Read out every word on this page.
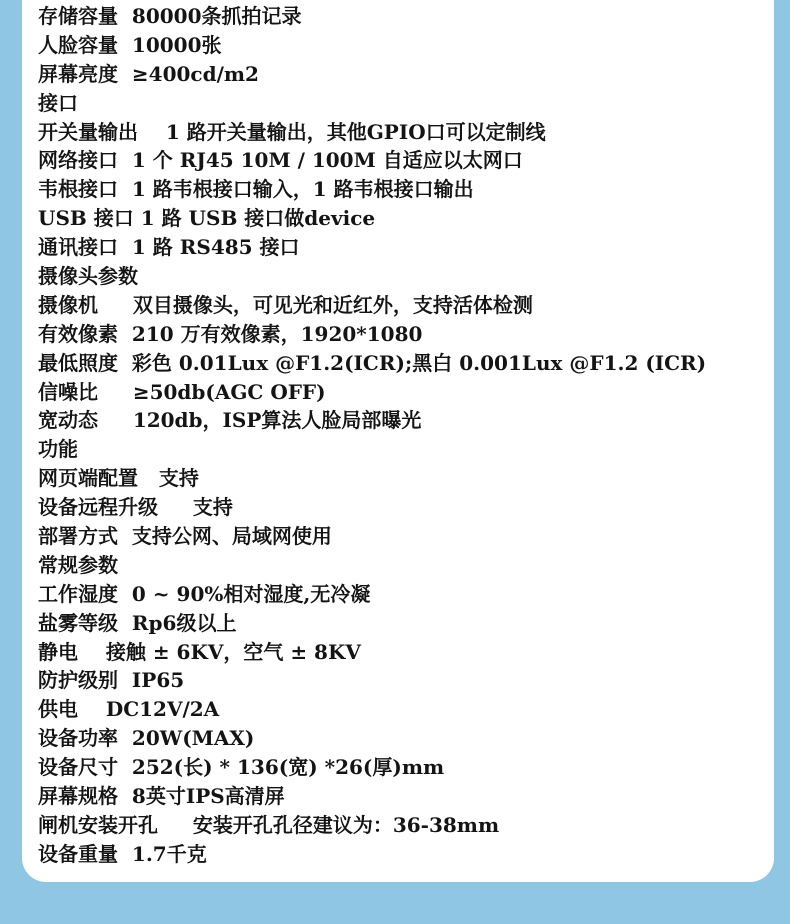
存储容量  80000条抓拍记录
人脸容量  10000张
屏幕亮度  ≥400cd/m2
接口
开关量输出    1 路开关量输出，其他GPIO口可以定制线
网络接口  1 个 RJ45 10M / 100M 自适应以太网口
韦根接口  1 路韦根接口输入，1 路韦根接口输出
USB 接口 1 路 USB 接口做device
通讯接口  1 路 RS485 接口
摄像头参数
摄像机     双目摄像头，可见光和近红外，支持活体检测
有效像素  210 万有效像素，1920*1080
最低照度  彩色 0.01Lux @F1.2(ICR);黑白 0.001Lux @F1.2 (ICR)
信噪比     ≥50db(AGC OFF)
宽动态     120db，ISP算法人脸局部曝光
功能
网页端配置   支持
设备远程升级     支持
部署方式  支持公网、局域网使用
常规参数
工作湿度  0 ~ 90%相对湿度,无冷凝
盐雾等级  Rp6级以上
静电    接触 ± 6KV，空气 ± 8KV
防护级别  IP65
供电    DC12V/2A
设备功率  20W(MAX)
设备尺寸  252(长) * 136(宽) *26(厚)mm
屏幕规格  8英寸IPS高清屏
闸机安装开孔     安装开孔孔径建议为：36-38mm
设备重量  1.7千克
